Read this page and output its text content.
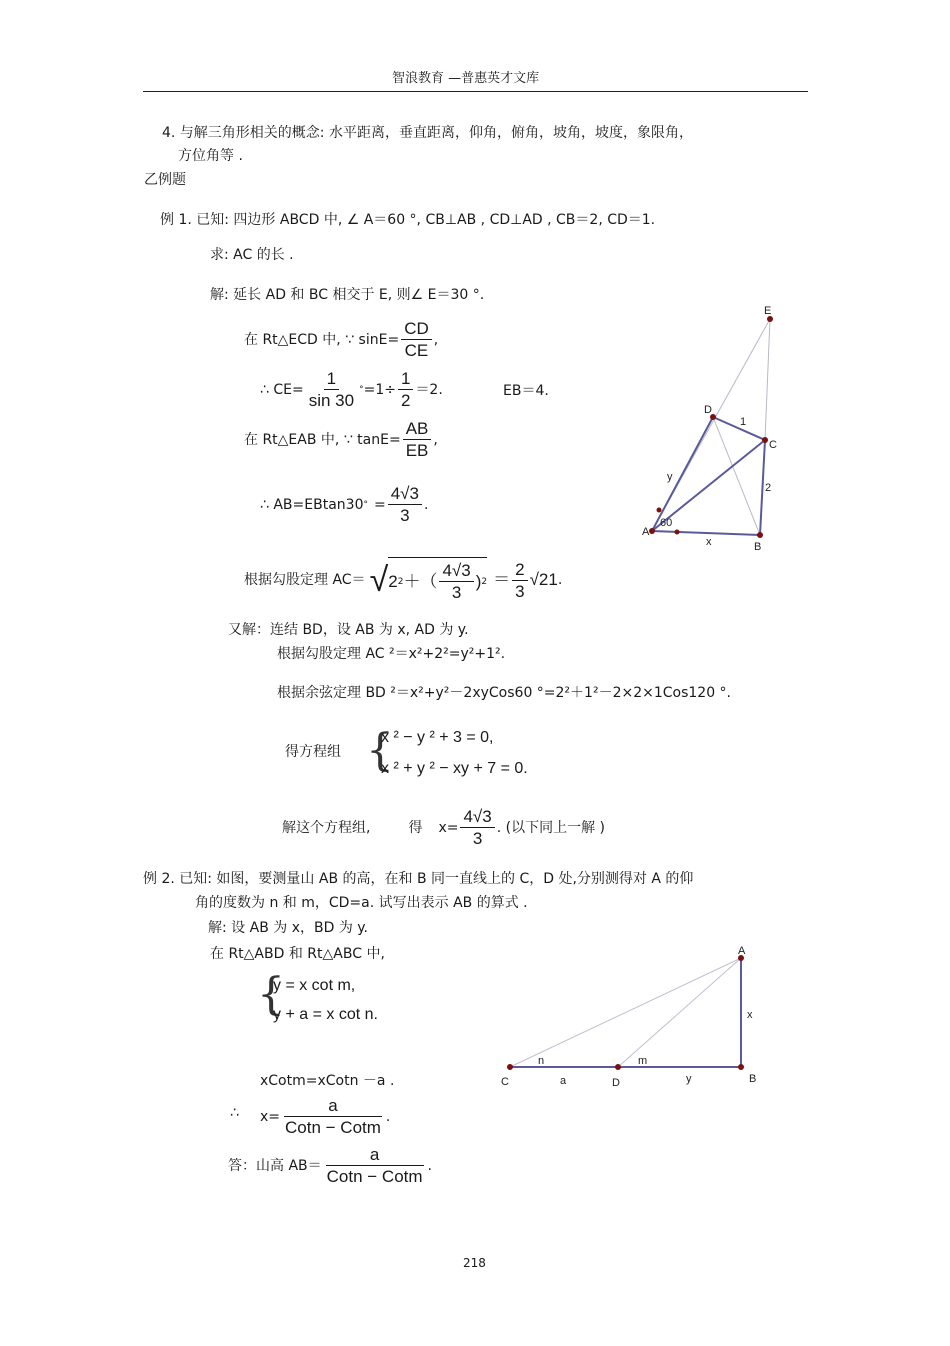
智浪教育 —普惠英才文库
4. 与解三角形相关的概念: 水平距离，垂直距离，仰角，俯角，坡角，坡度，象限角，
方位角等 .
乙例题
例 1. 已知: 四边形 ABCD 中, ∠ A＝60 °, CB⊥AB , CD⊥AD , CB＝2, CD＝1.
求: AC 的长 .
解: 延长 AD 和 BC 相交于 E, 则∠ E＝30 °.
在 Rt△ECD 中, ∵ $\sin E= \frac{CD}{CE}$ ,
∴ $CE= \frac{1}{\sin 30}$ ° $=1\div \frac{1}{2} =2$.	EB＝4.
在 Rt△EAB 中, ∵ $\tan E= \frac{AB}{EB}$ ,
∴ AB=EBtan30 ° = $\frac{4√3}{3}$ .
根据勾股定理 AC＝ √ 2 2 ＋（ $\frac{4√3}{3}$ ) $2 = \frac{2}{3} √21$ .
又解：连结 BD，设 AB 为 x, AD 为 y.
根据勾股定理 AC ²＝x²+2²=y²+1².
根据余弦定理 BD ²＝x²+y²－2xyCos60 °=2²＋1²－2×2×1Cos120 °.
得方程组 {
x ² − y ² + 3 = 0,
x ² + y ² − xy + 7 = 0.
解这个方程组,	得 $x= \frac{4√3}{3}$ . (以下同上一解 )
E
D
C
A
B
1
2
y
x
60
例 2. 已知: 如图，要测量山 AB 的高，在和 B 同一直线上的 C，D 处,分别测得对 A 的仰
角的度数为 n 和 m，CD=a. 试写出表示 AB 的算式 .
解: 设 AB 为 x，BD 为 y.
在 Rt△ABD 和 Rt△ABC 中,
{
y = x cot m,
y + a = x cot n.
xCotm=xCotn －a .
∴ $x= \frac{a}{\text{Cotn − Cotm}}$ .
答：山高 $AB= \frac{a}{\text{Cotn − Cotm}}$ .
A
B
C	D
x
y
a
n	m
218
